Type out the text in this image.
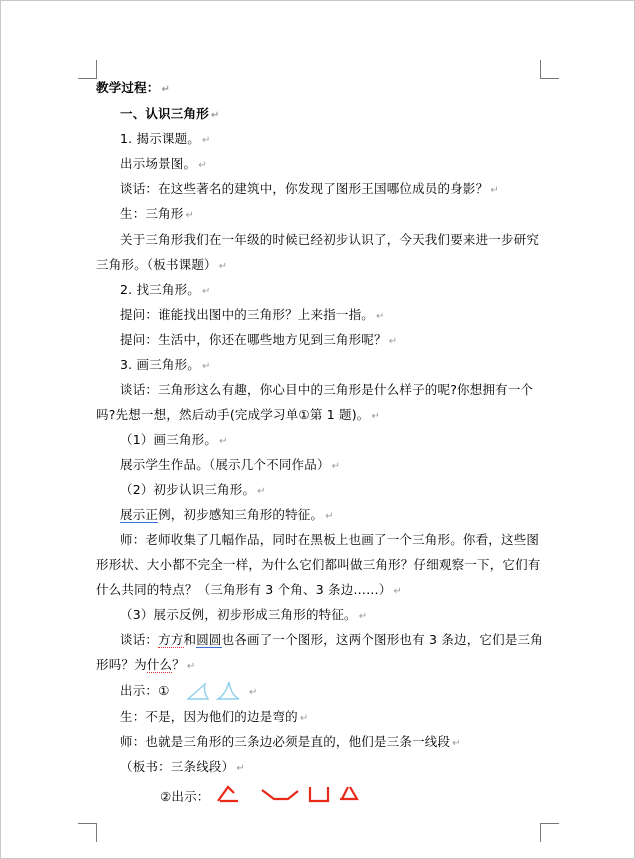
教学过程： ↵
一、认识三角形 ↵
1. 揭示课题。 ↵
出示场景图。 ↵
谈话：在这些著名的建筑中，你发现了图形王国哪位成员的身影？ ↵
生：三角形 ↵
关于三角形我们在一年级的时候已经初步认识了，今天我们要来进一步研究
三角形。（板书课题） ↵
2. 找三角形。 ↵
提问：谁能找出图中的三角形？上来指一指。 ↵
提问：生活中，你还在哪些地方见到三角形呢？ ↵
3. 画三角形。 ↵
谈话：三角形这么有趣，你心目中的三角形是什么样子的呢?你想拥有一个
吗?先想一想，然后动手(完成学习单①第 1 题)。 ↵
（1）画三角形。 ↵
展示学生作品。（展示几个不同作品） ↵
（2）初步认识三角形。 ↵
展示正例，初步感知三角形的特征。 ↵
师：老师收集了几幅作品，同时在黑板上也画了一个三角形。你看，这些图
形形状、大小都不完全一样，为什么它们都叫做三角形？仔细观察一下，它们有
什么共同的特点？（三角形有 3 个角、3 条边……） ↵
（3）展示反例，初步形成三角形的特征。 ↵
谈话：方方和圆圆也各画了一个图形，这两个图形也有 3 条边，它们是三角
形吗？为什么？ ↵
出示：①	↵
生：不是，因为他们的边是弯的 ↵
师：也就是三角形的三条边必须是直的，他们是三条一线段 ↵
（板书：三条线段） ↵
②出示：
